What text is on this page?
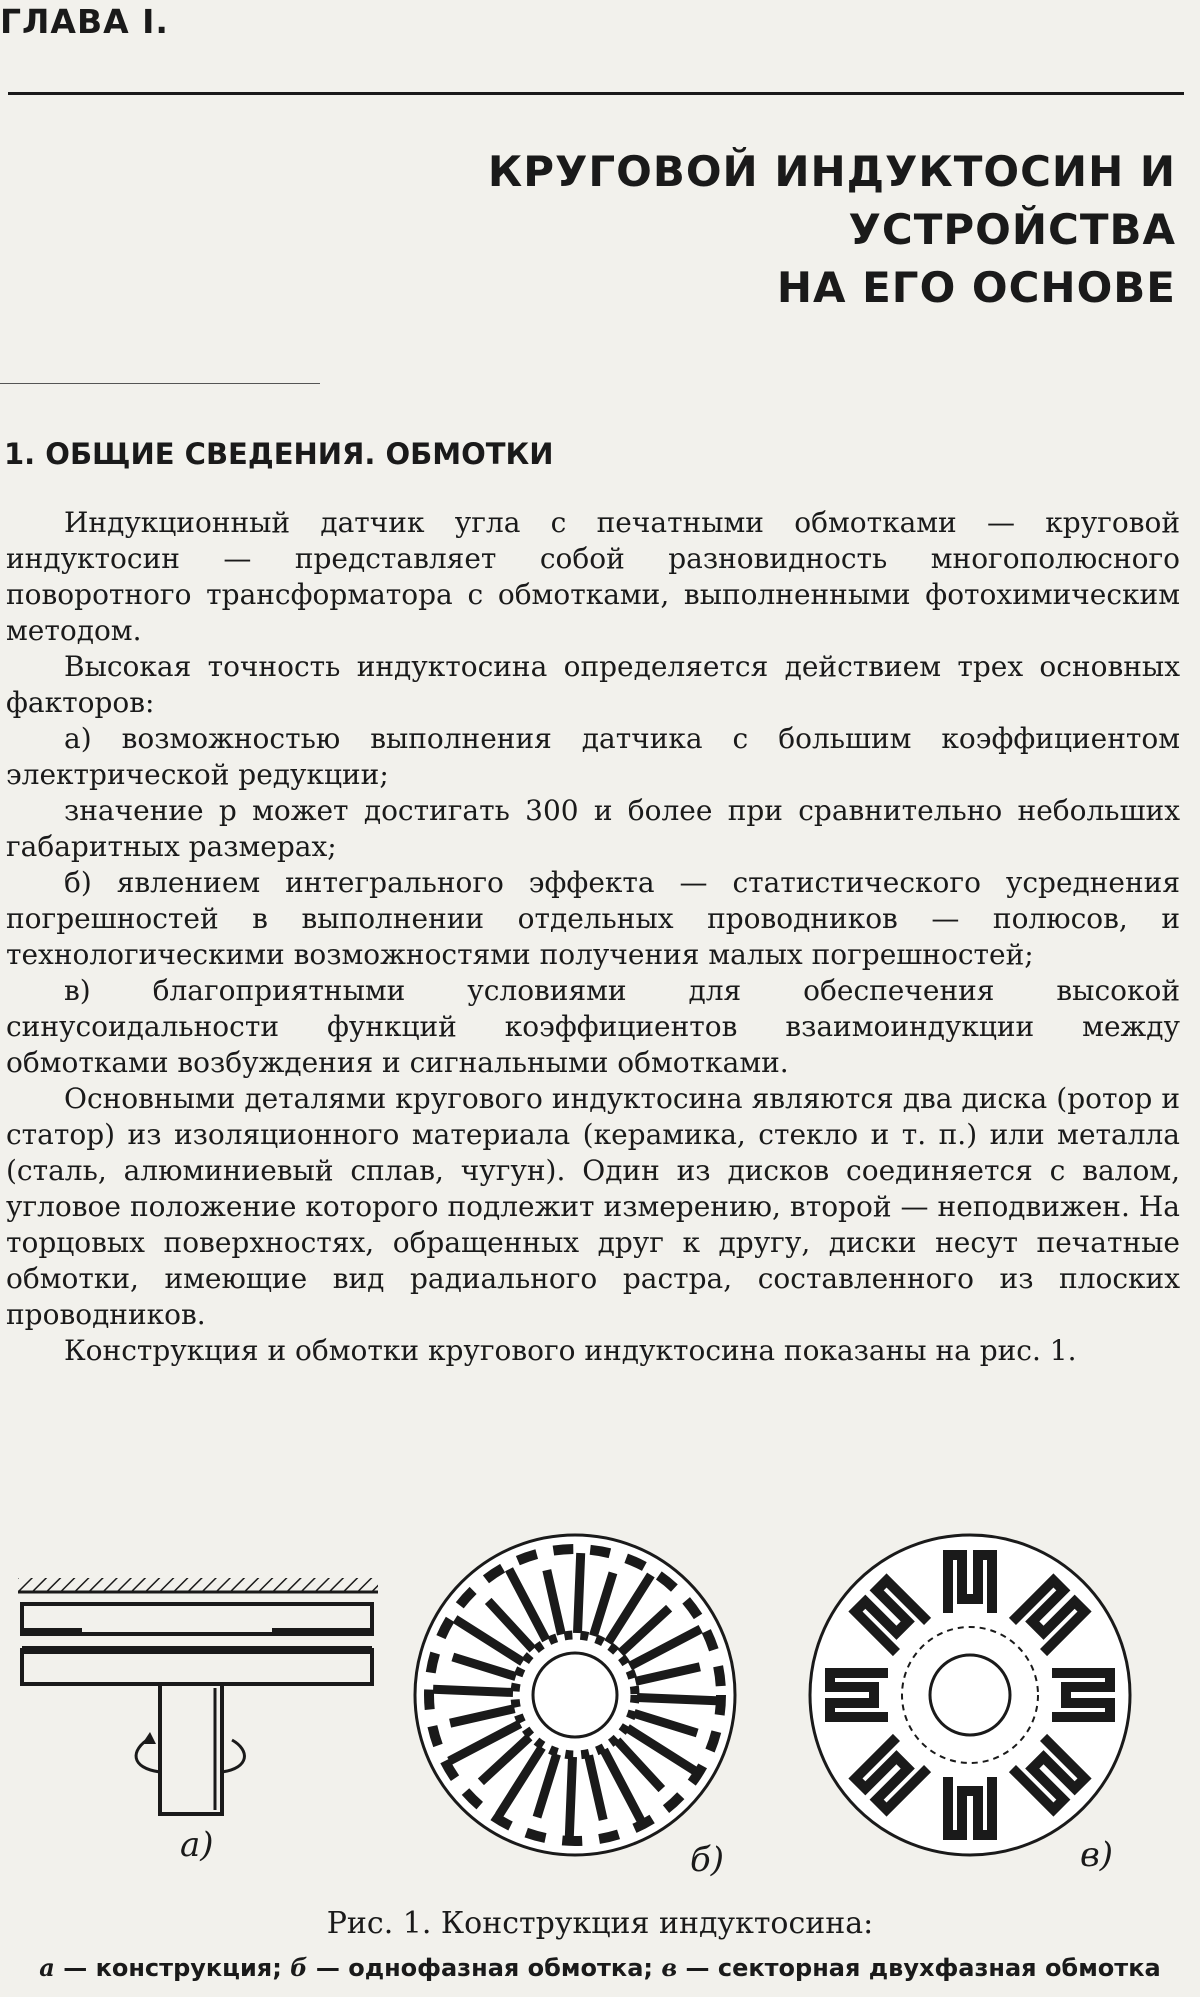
ГЛАВА I.
КРУГОВОЙ ИНДУКТОСИН И УСТРОЙСТВА
НА ЕГО ОСНОВЕ
1. ОБЩИЕ СВЕДЕНИЯ. ОБМОТКИ

Индукционный датчик угла с печатными обмотками — круговой индуктосин — представляет собой разновидность многополюсного поворотного трансформатора с обмотками, выполненными фотохимическим методом.

Высокая точность индуктосина определяется действием трех основных факторов:

а) возможностью выполнения датчика с большим коэффициентом электрической редукции;

значение p может достигать 300 и более при сравнительно небольших габаритных размерах;

б) явлением интегрального эффекта — статистического усреднения погрешностей в выполнении отдельных проводников — полюсов, и технологическими возможностями получения малых погрешностей;

в) благоприятными условиями для обеспечения высокой синусоидальности функций коэффициентов взаимоиндукции между обмотками возбуждения и сигнальными обмотками.

Основными деталями кругового индуктосина являются два диска (ротор и статор) из изоляционного материала (керамика, стекло и т. п.) или металла (сталь, алюминиевый сплав, чугун). Один из дисков соединяется с валом, угловое положение которого подлежит измерению, второй — неподвижен. На торцовых поверхностях, обращенных друг к другу, диски несут печатные обмотки, имеющие вид радиального растра, составленного из плоских проводников.

Конструкция и обмотки кругового индуктосина показаны на рис. 1.

а)	б)	в)
Рис. 1. Конструкция индуктосина:
а — конструкция; б — однофазная обмотка; в — секторная двухфазная обмотка
